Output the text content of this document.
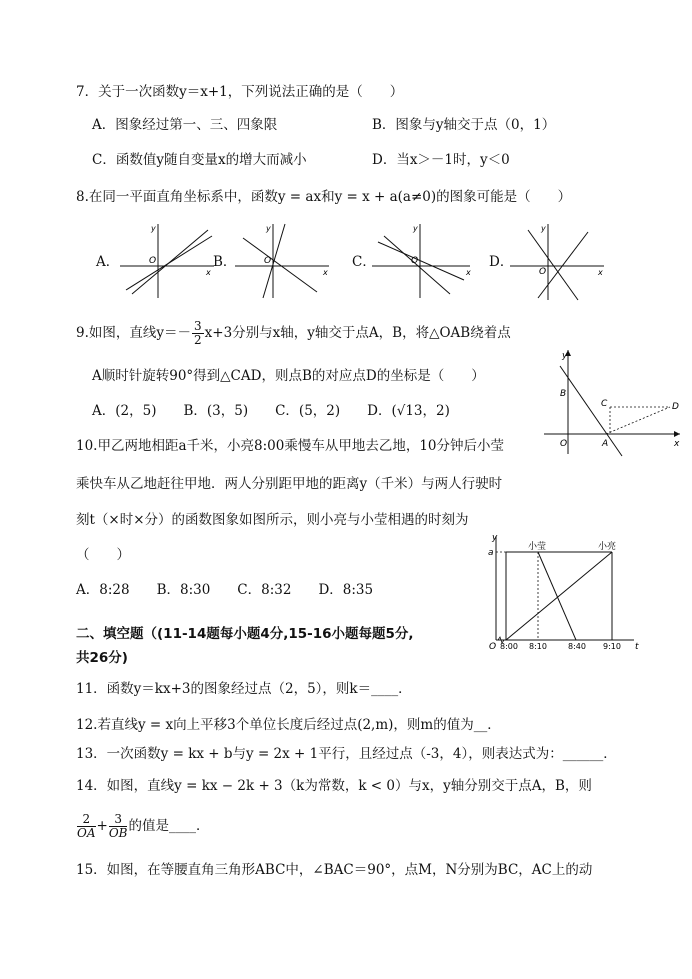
7．关于一次函数y＝x+1，下列说法正确的是（　　）
A．图象经过第一、三、四象限	B．图象与y轴交于点（0，1）
C．函数值y随自变量x的增大而减小	D．当x＞－1时，y＜0
8.在同一平面直角坐标系中，函数y = ax和y = x + a(a≠0)的图象可能是（　　）
A．
x
y
O	B．
x
y
O	C．
x
y
O	D．
x
y
O
9.如图，直线$y=- \frac{3}{2} x+3$分别与x轴，y轴交于点A，B，将△OAB绕着点
A顺时针旋转90°得到△CAD，则点B的对应点D的坐标是（　　）
A．(2，5)　　B．(3，5)　　C．(5，2)　　D．(√13，2)
y
x
O	A
B
C	D
10.甲乙两地相距a千米，小亮8:00乘慢车从甲地去乙地，10分钟后小莹
乘快车从乙地赶往甲地．两人分别距甲地的距离y（千米）与两人行驶时
刻t（×时×分）的函数图象如图所示，则小亮与小莹相遇的时刻为
（　　）
A．8:28　　B．8:30　　C．8:32　　D．8:35
y
t
O
a
小莹	小亮
8:00 8:10	8:40 9:10
二、填空题（(11-14题每小题4分,15-16小题每题5分,
共26分)
11．函数y＝kx+3的图象经过点（2，5），则k＝____．
12.若直线y = x向上平移3个单位长度后经过点(2,m)，则m的值为__．
13．一次函数y = kx + b与y = 2x + 1平行，且经过点（-3，4），则表达式为：______．
14．如图，直线y = kx − 2k + 3（k为常数，k < 0）与x，y轴分别交于点A，B，则
$\frac{2}{OA} + \frac{3}{OB}$ 的值是____．
15．如图，在等腰直角三角形ABC中，∠BAC＝90°，点M，N分别为BC，AC上的动
